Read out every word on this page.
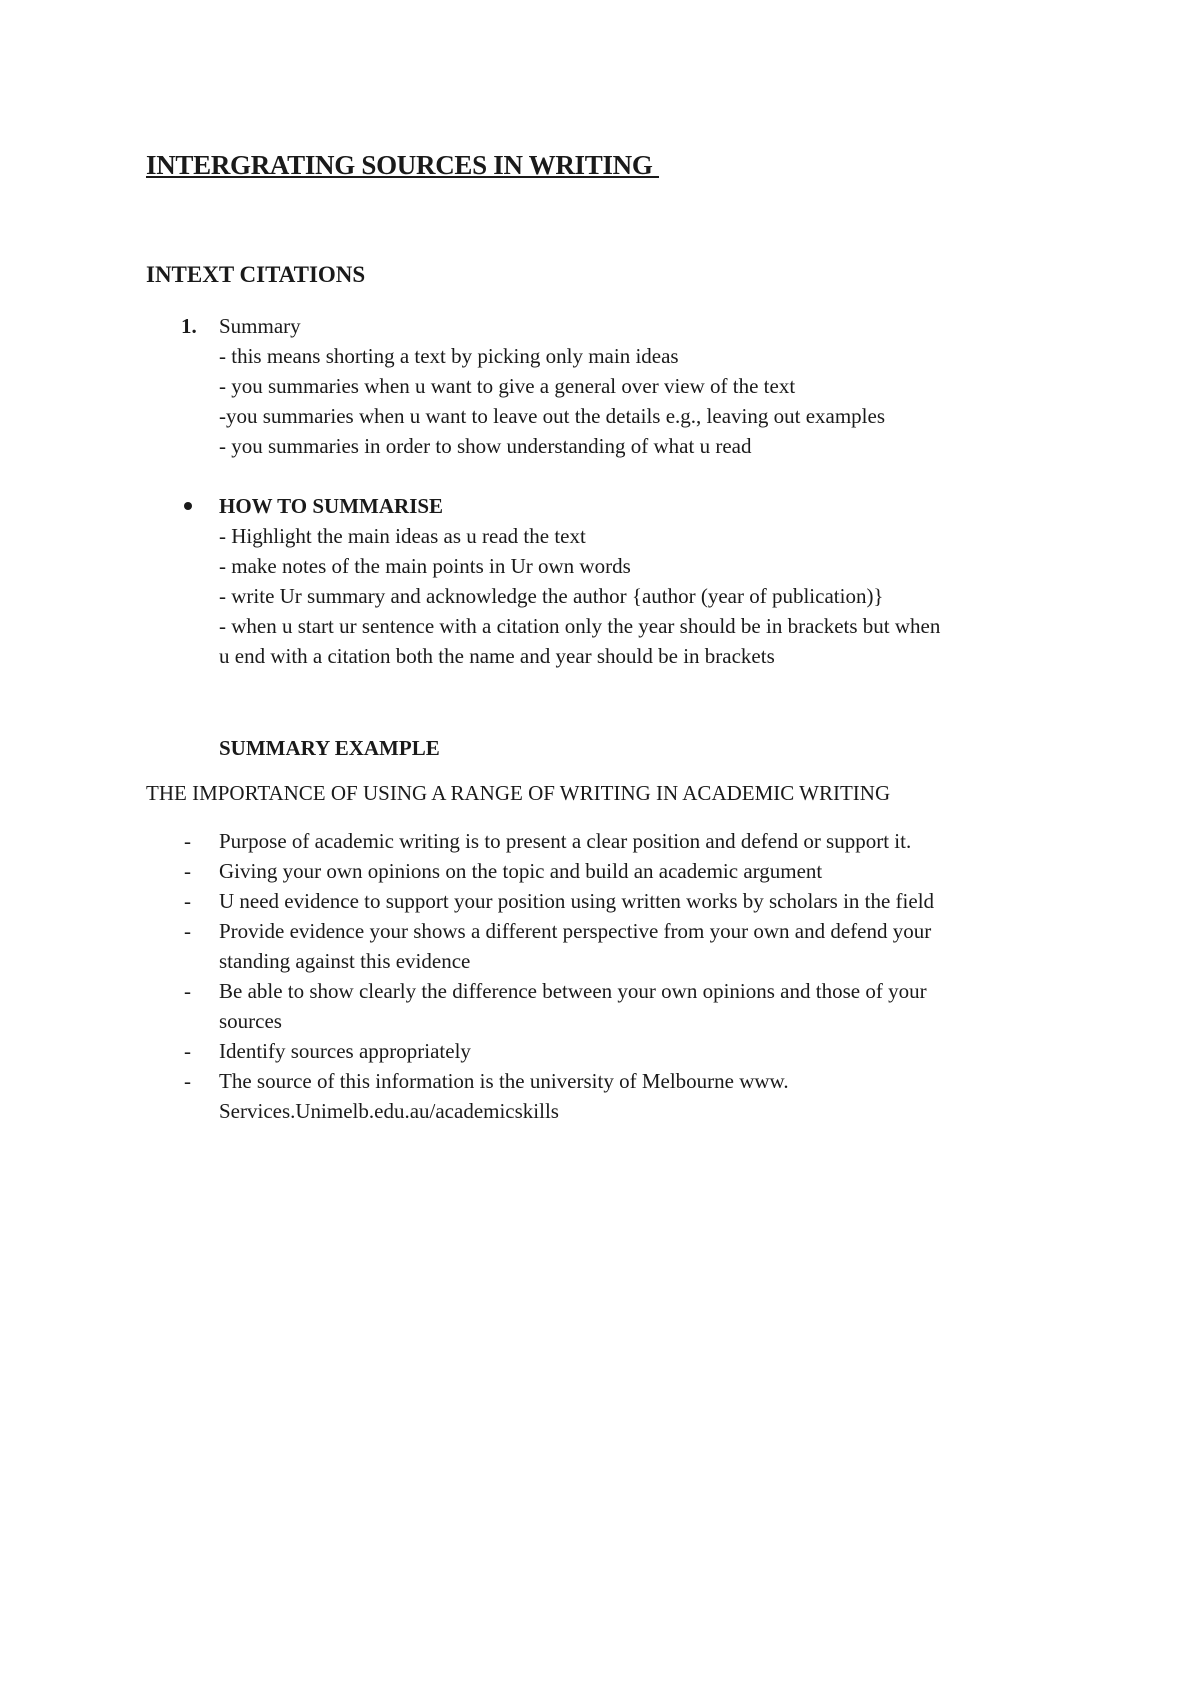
INTERGRATING SOURCES IN WRITING
INTEXT CITATIONS
1. Summary
- this means shorting a text by picking only main ideas
- you summaries when u want to give a general over view of the text
-you summaries when u want to leave out the details e.g., leaving out examples
- you summaries in order to show understanding of what u read
HOW TO SUMMARISE
- Highlight the main ideas as u read the text
- make notes of the main points in Ur own words
- write Ur summary and acknowledge the author {author (year of publication)}
- when u start ur sentence with a citation only the year should be in brackets but when
u end with a citation both the name and year should be in brackets
SUMMARY EXAMPLE
THE IMPORTANCE OF USING A RANGE OF WRITING IN ACADEMIC WRITING
- Purpose of academic writing is to present a clear position and defend or support it.
- Giving your own opinions on the topic and build an academic argument
- U need evidence to support your position using written works by scholars in the field
- Provide evidence your shows a different perspective from your own and defend your
standing against this evidence
- Be able to show clearly the difference between your own opinions and those of your
sources
- Identify sources appropriately
- The source of this information is the university of Melbourne www.
Services.Unimelb.edu.au/academicskills
